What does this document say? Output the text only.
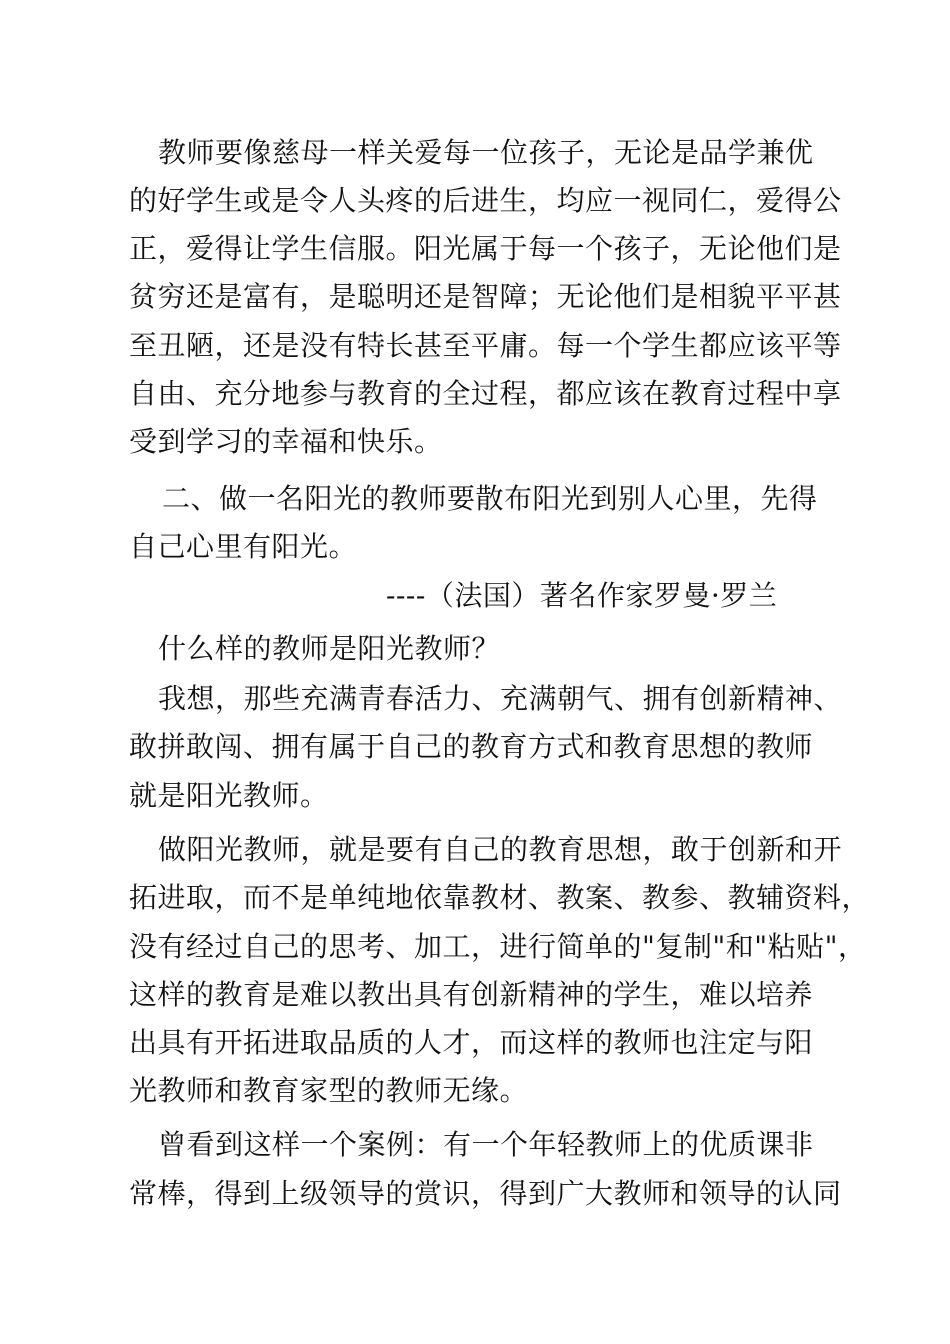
教师要像慈母一样关爱每一位孩子，无论是品学兼优
的好学生或是令人头疼的后进生，均应一视同仁，爱得公
正，爱得让学生信服。阳光属于每一个孩子，无论他们是
贫穷还是富有，是聪明还是智障；无论他们是相貌平平甚
至丑陋，还是没有特长甚至平庸。每一个学生都应该平等
自由、充分地参与教育的全过程，都应该在教育过程中享
受到学习的幸福和快乐。
二、做一名阳光的教师要散布阳光到别人心里，先得
自己心里有阳光。
----（法国）著名作家罗曼·罗兰
什么样的教师是阳光教师？
我想，那些充满青春活力、充满朝气、拥有创新精神、
敢拼敢闯、拥有属于自己的教育方式和教育思想的教师
就是阳光教师。
做阳光教师，就是要有自己的教育思想，敢于创新和开
拓进取，而不是单纯地依靠教材、教案、教参、教辅资料，
没有经过自己的思考、加工，进行简单的"复制"和"粘贴"，
这样的教育是难以教出具有创新精神的学生，难以培养
出具有开拓进取品质的人才，而这样的教师也注定与阳
光教师和教育家型的教师无缘。
曾看到这样一个案例：有一个年轻教师上的优质课非
常棒，得到上级领导的赏识，得到广大教师和领导的认同
